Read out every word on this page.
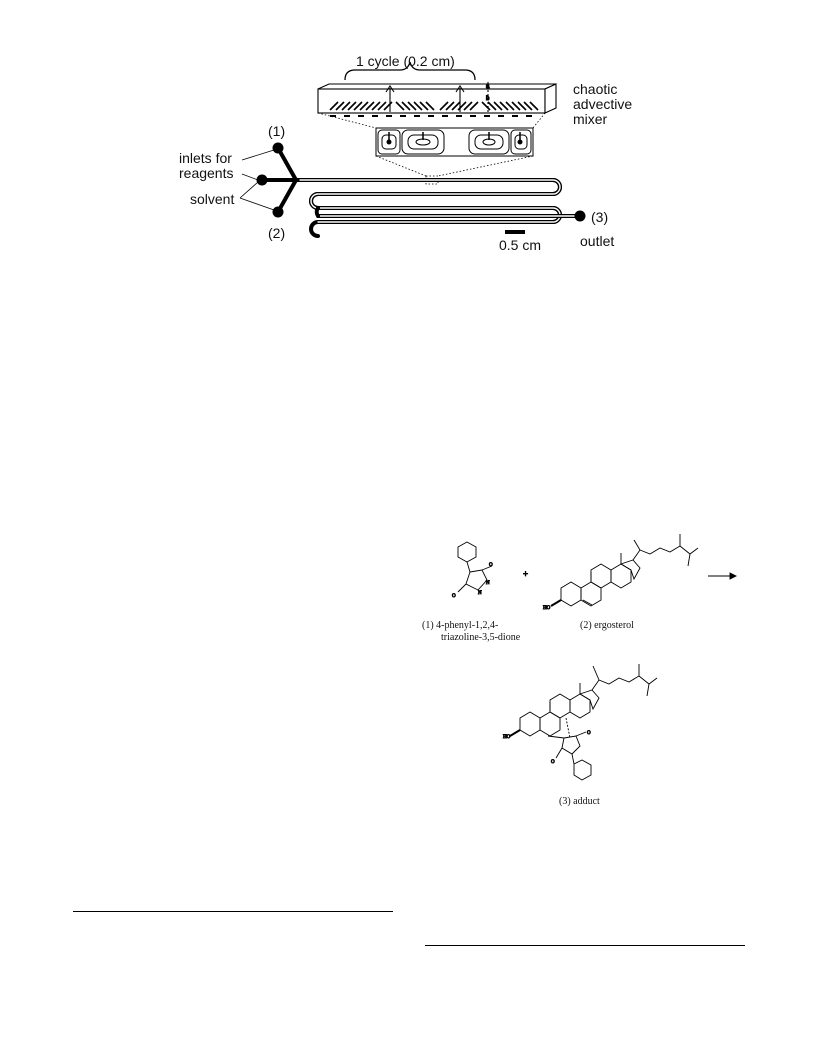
1 cycle (0.2 cm)
a
b
chaotic
advective
mixer
(1)
inlets for
reagents
solvent
(2)
(3)
outlet
0.5 cm
O
O
N
N
+
HO
HO
O
O
(1) 4-phenyl-1,2,4-
triazoline-3,5-dione
(2) ergosterol
(3) adduct
